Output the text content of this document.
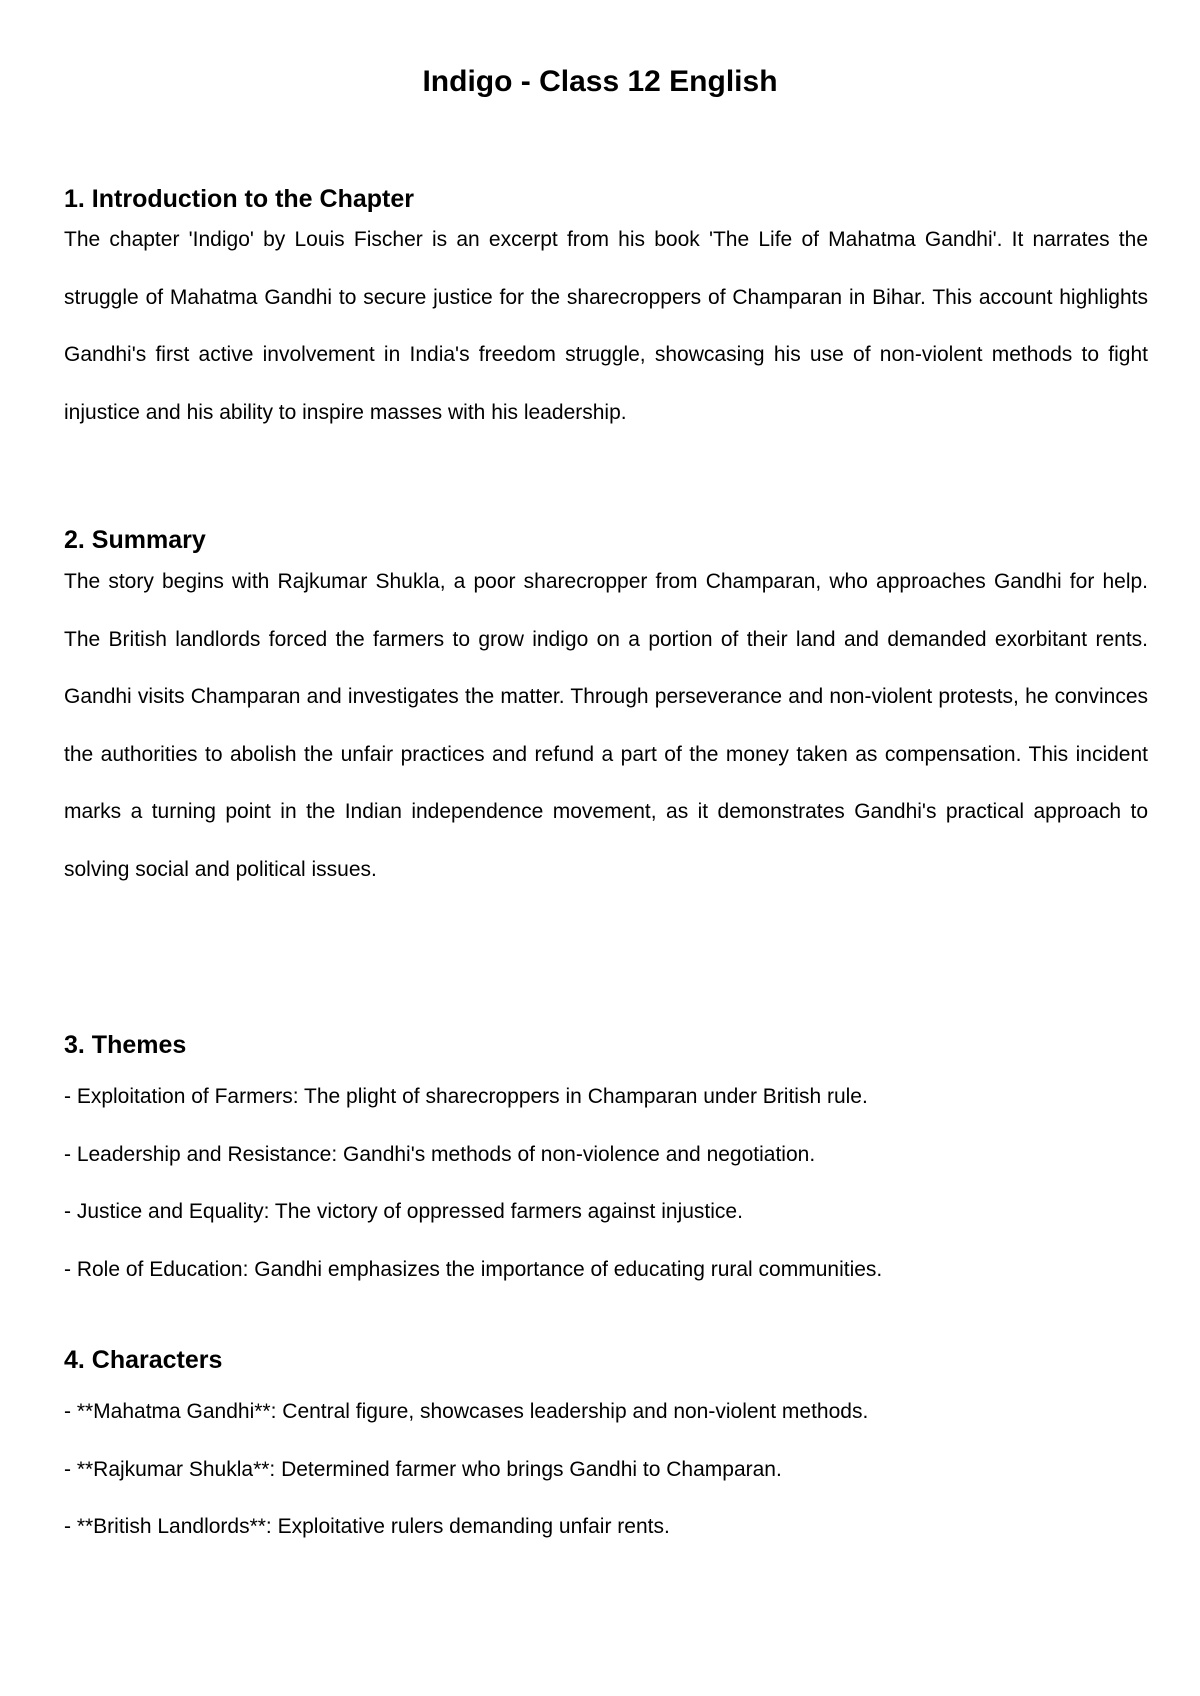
Indigo - Class 12 English
1. Introduction to the Chapter

The chapter 'Indigo' by Louis Fischer is an excerpt from his book 'The Life of Mahatma Gandhi'. It narrates the struggle of Mahatma Gandhi to secure justice for the sharecroppers of Champaran in Bihar. This account highlights Gandhi's first active involvement in India's freedom struggle, showcasing his use of non-violent methods to fight injustice and his ability to inspire masses with his leadership.

2. Summary

The story begins with Rajkumar Shukla, a poor sharecropper from Champaran, who approaches Gandhi for help. The British landlords forced the farmers to grow indigo on a portion of their land and demanded exorbitant rents. Gandhi visits Champaran and investigates the matter. Through perseverance and non-violent protests, he convinces the authorities to abolish the unfair practices and refund a part of the money taken as compensation. This incident marks a turning point in the Indian independence movement, as it demonstrates Gandhi's practical approach to solving social and political issues.

3. Themes

- Exploitation of Farmers: The plight of sharecroppers in Champaran under British rule.

- Leadership and Resistance: Gandhi's methods of non-violence and negotiation.

- Justice and Equality: The victory of oppressed farmers against injustice.

- Role of Education: Gandhi emphasizes the importance of educating rural communities.

4. Characters

- **Mahatma Gandhi**: Central figure, showcases leadership and non-violent methods.

- **Rajkumar Shukla**: Determined farmer who brings Gandhi to Champaran.

- **British Landlords**: Exploitative rulers demanding unfair rents.
